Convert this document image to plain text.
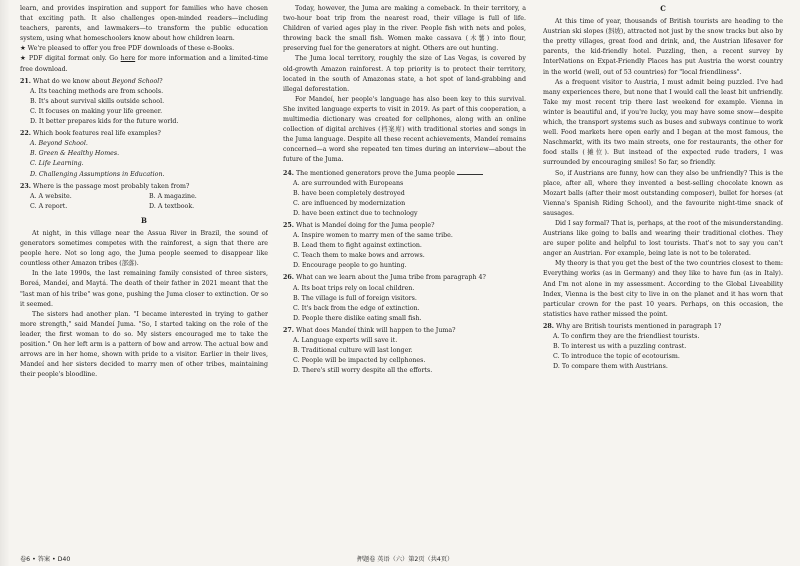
learn, and provides inspiration and support for families who have chosen that exciting path. It also challenges open-minded readers—including teachers, parents, and lawmakers—to transform the public education system, using what homeschoolers know about how children learn.

★ We're pleased to offer you free PDF downloads of these e-Books.

★ PDF digital format only. Go here for more information and a limited-time free download.

21. What do we know about Beyond School?

A. Its teaching methods are from schools.

B. It's about survival skills outside school.

C. It focuses on making your life greener.

D. It better prepares kids for the future world.

22. Which book features real life examples?

A. Beyond School.

B. Green & Healthy Homes.

C. Life Learning.

D. Challenging Assumptions in Education.

23. Where is the passage most probably taken from?

A. A website.	B. A magazine.
C. A report.	D. A textbook.
B

At night, in this village near the Assua River in Brazil, the sound of generators sometimes competes with the rainforest, a sign that there are people here. Not so long ago, the Juma people seemed to disappear like countless other Amazon tribes (部落).

In the late 1990s, the last remaining family consisted of three sisters, Boreá, Mandeí, and Maytá. The death of their father in 2021 meant that the "last man of his tribe" was gone, pushing the Juma closer to extinction. Or so it seemed.

The sisters had another plan. "I became interested in trying to gather more strength," said Mandeí Juma. "So, I started taking on the role of the leader, the first woman to do so. My sisters encouraged me to take the position." On her left arm is a pattern of bow and arrow. The actual bow and arrows are in her home, shown with pride to a visitor. Earlier in their lives, Mandeí and her sisters decided to marry men of other tribes, maintaining their people's bloodline.

Today, however, the Juma are making a comeback. In their territory, a two-hour boat trip from the nearest road, their village is full of life. Children of varied ages play in the river. People fish with nets and poles, throwing back the small fish. Women make cassava (木薯) into flour, preserving fuel for the generators at night. Others are out hunting.

The Juma local territory, roughly the size of Las Vegas, is covered by old-growth Amazon rainforest. A top priority is to protect their territory, located in the south of Amazonas state, a hot spot of land-grabbing and illegal deforestation.

For Mandeí, her people's language has also been key to this survival. She invited language experts to visit in 2019. As part of this cooperation, a multimedia dictionary was created for cellphones, along with an online collection of digital archives (档案库) with traditional stories and songs in the Juma language. Despite all these recent achievements, Mandeí remains concerned—a word she repeated ten times during an interview—about the future of the Juma.

24. The mentioned generators prove the Juma people

A. are surrounded with Europeans

B. have been completely destroyed

C. are influenced by modernization

D. have been extinct due to technology

25. What is Mandeí doing for the Juma people?

A. Inspire women to marry men of the same tribe.

B. Lead them to fight against extinction.

C. Teach them to make bows and arrows.

D. Encourage people to go hunting.

26. What can we learn about the Juma tribe from paragraph 4?

A. Its boat trips rely on local children.

B. The village is full of foreign visitors.

C. It's back from the edge of extinction.

D. People there dislike eating small fish.

27. What does Mandeí think will happen to the Juma?

A. Language experts will save it.

B. Traditional culture will last longer.

C. People will be impacted by cellphones.

D. There's still worry despite all the efforts.

C

At this time of year, thousands of British tourists are heading to the Austrian ski slopes (斜坡), attracted not just by the snow tracks but also by the pretty villages, great food and drink, and, the Austrian lifesaver for parents, the kid-friendly hotel. Puzzling, then, a recent survey by InterNations on Expat-Friendly Places has put Austria the worst country in the world (well, out of 53 countries) for "local friendliness".

As a frequent visitor to Austria, I must admit being puzzled. I've had many experiences there, but none that I would call the least bit unfriendly. Take my most recent trip there last weekend for example. Vienna in winter is beautiful and, if you're lucky, you may have some snow—despite which, the transport systems such as buses and subways continue to work well. Food markets here open early and I began at the most famous, the Naschmarkt, with its two main streets, one for restaurants, the other for food stalls (摊位). But instead of the expected rude traders, I was surrounded by encouraging smiles! So far, so friendly.

So, if Austrians are funny, how can they also be unfriendly? This is the place, after all, where they invented a best-selling chocolate known as Mozart balls (after their most outstanding composer), bullet for horses (at Vienna's Spanish Riding School), and the favourite night-time snack of sausages.

Did I say formal? That is, perhaps, at the root of the misunderstanding. Austrians like going to balls and wearing their traditional clothes. They are super polite and helpful to lost tourists. That's not to say you can't anger an Austrian. For example, being late is not to be tolerated.

My theory is that you get the best of the two countries closest to them: Everything works (as in Germany) and they like to have fun (as in Italy). And I'm not alone in my assessment. According to the Global Liveability Index, Vienna is the best city to live in on the planet and it has worn that particular crown for the past 10 years. Perhaps, on this occasion, the statistics have rather missed the point.

28. Why are British tourists mentioned in paragraph 1?

A. To confirm they are the friendliest tourists.

B. To interest us with a puzzling contrast.

C. To introduce the topic of ecotourism.

D. To compare them with Austrians.

卷6 • 答案 • D40	押题卷 英语（六）第2页（共4页）
